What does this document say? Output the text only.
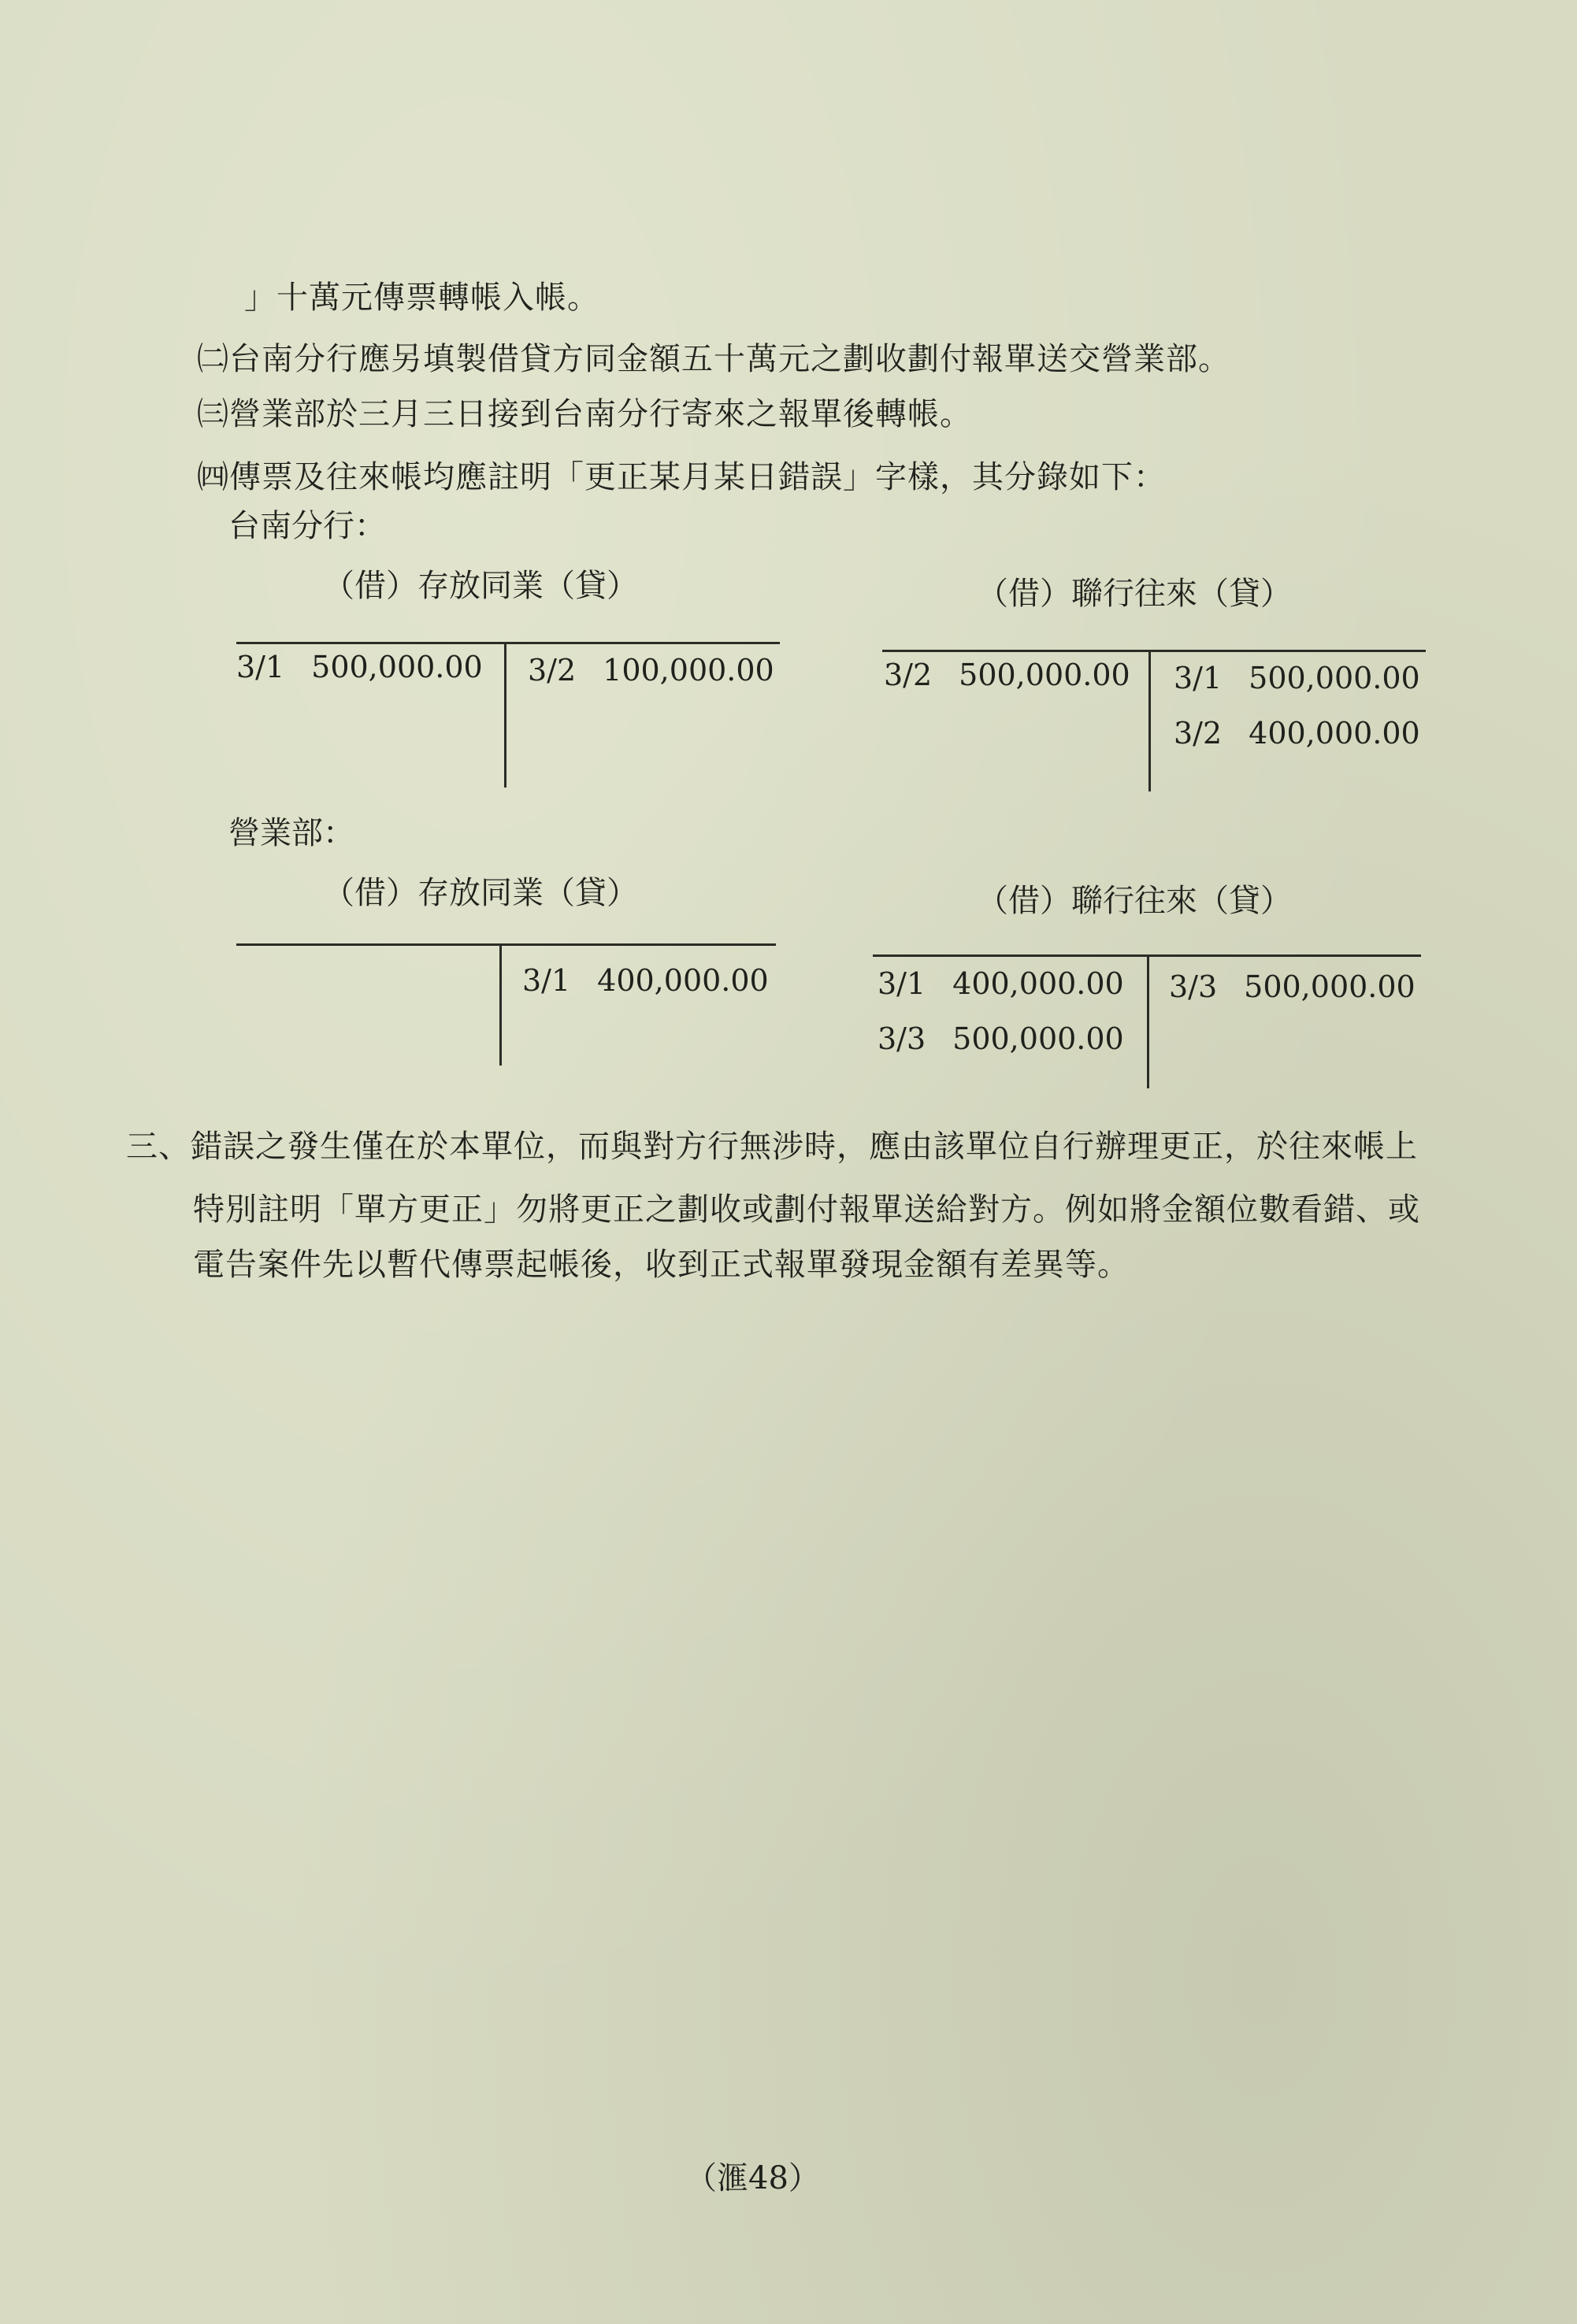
」十萬元傳票轉帳入帳。
㈡台南分行應另填製借貸方同金額五十萬元之劃收劃付報單送交營業部。
㈢營業部於三月三日接到台南分行寄來之報單後轉帳。
㈣傳票及往來帳均應註明「更正某月某日錯誤」字樣，其分錄如下：
台南分行：
（借）存放同業（貸）
3/1 500,000.00 3/2 100,000.00
（借）聯行往來（貸）
3/2 500,000.00 3/1 500,000.00
3/2 400,000.00
營業部：
（借）存放同業（貸）
3/1 400,000.00
（借）聯行往來（貸）
3/1 400,000.00
3/3 500,000.00
3/3 500,000.00
三、錯誤之發生僅在於本單位，而與對方行無涉時，應由該單位自行辦理更正，於往來帳上
特別註明「單方更正」勿將更正之劃收或劃付報單送給對方。例如將金額位數看錯、或
電告案件先以暫代傳票起帳後，收到正式報單發現金額有差異等。
（滙48）
